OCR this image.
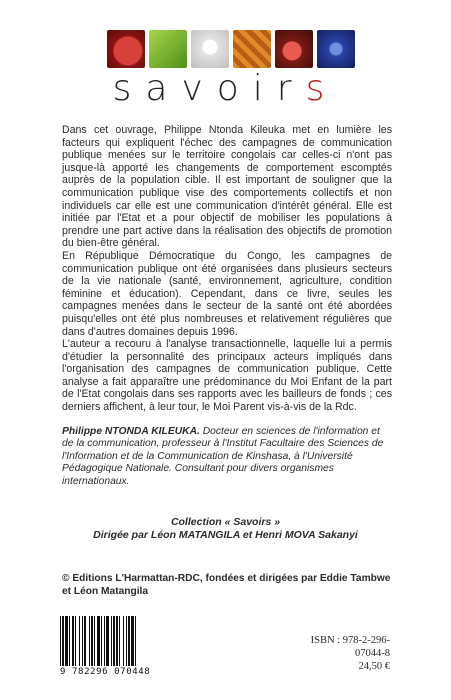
savoirs

Dans cet ouvrage, Philippe Ntonda Kileuka met en lumière les facteurs qui expliquent l'échec des campagnes de communication publique menées sur le territoire congolais car celles-ci n'ont pas jusque-là apporté les changements de comportement escomptés auprès de la population cible. Il est important de souligner que la communication publique vise des comportements collectifs et non individuels car elle est une communication d'intérêt général. Elle est initiée par l'Etat et a pour objectif de mobiliser les populations à prendre une part active dans la réalisation des objectifs de promotion du bien-être général.

En République Démocratique du Congo, les campagnes de communication publique ont été organisées dans plusieurs secteurs de la vie nationale (santé, environnement, agriculture, condition féminine et éducation). Cependant, dans ce livre, seules les campagnes menées dans le secteur de la santé ont été abordées puisqu'elles ont été plus nombreuses et relativement régulières que dans d'autres domaines depuis 1996.

L'auteur a recouru à l'analyse transactionnelle, laquelle lui a permis d'étudier la personnalité des principaux acteurs impliqués dans l'organisation des campagnes de communication publique. Cette analyse a fait apparaître une prédominance du Moi Enfant de la part de l'Etat congolais dans ses rapports avec les bailleurs de fonds ; ces derniers affichent, à leur tour, le Moi Parent vis-à-vis de la Rdc.

Philippe NTONDA KILEUKA. Docteur en sciences de l'information et de la communication, professeur à l'Institut Facultaire des Sciences de l'Information et de la Communication de Kinshasa, à l'Université Pédagogique Nationale. Consultant pour divers organismes internationaux.

Collection « Savoirs »
Dirigée par Léon MATANGILA et Henri MOVA Sakanyi

© Editions L'Harmattan-RDC, fondées et dirigées par Eddie Tambwe et Léon Matangila

9 782296 070448
ISBN : 978-2-296-07044-8
24,50 €
